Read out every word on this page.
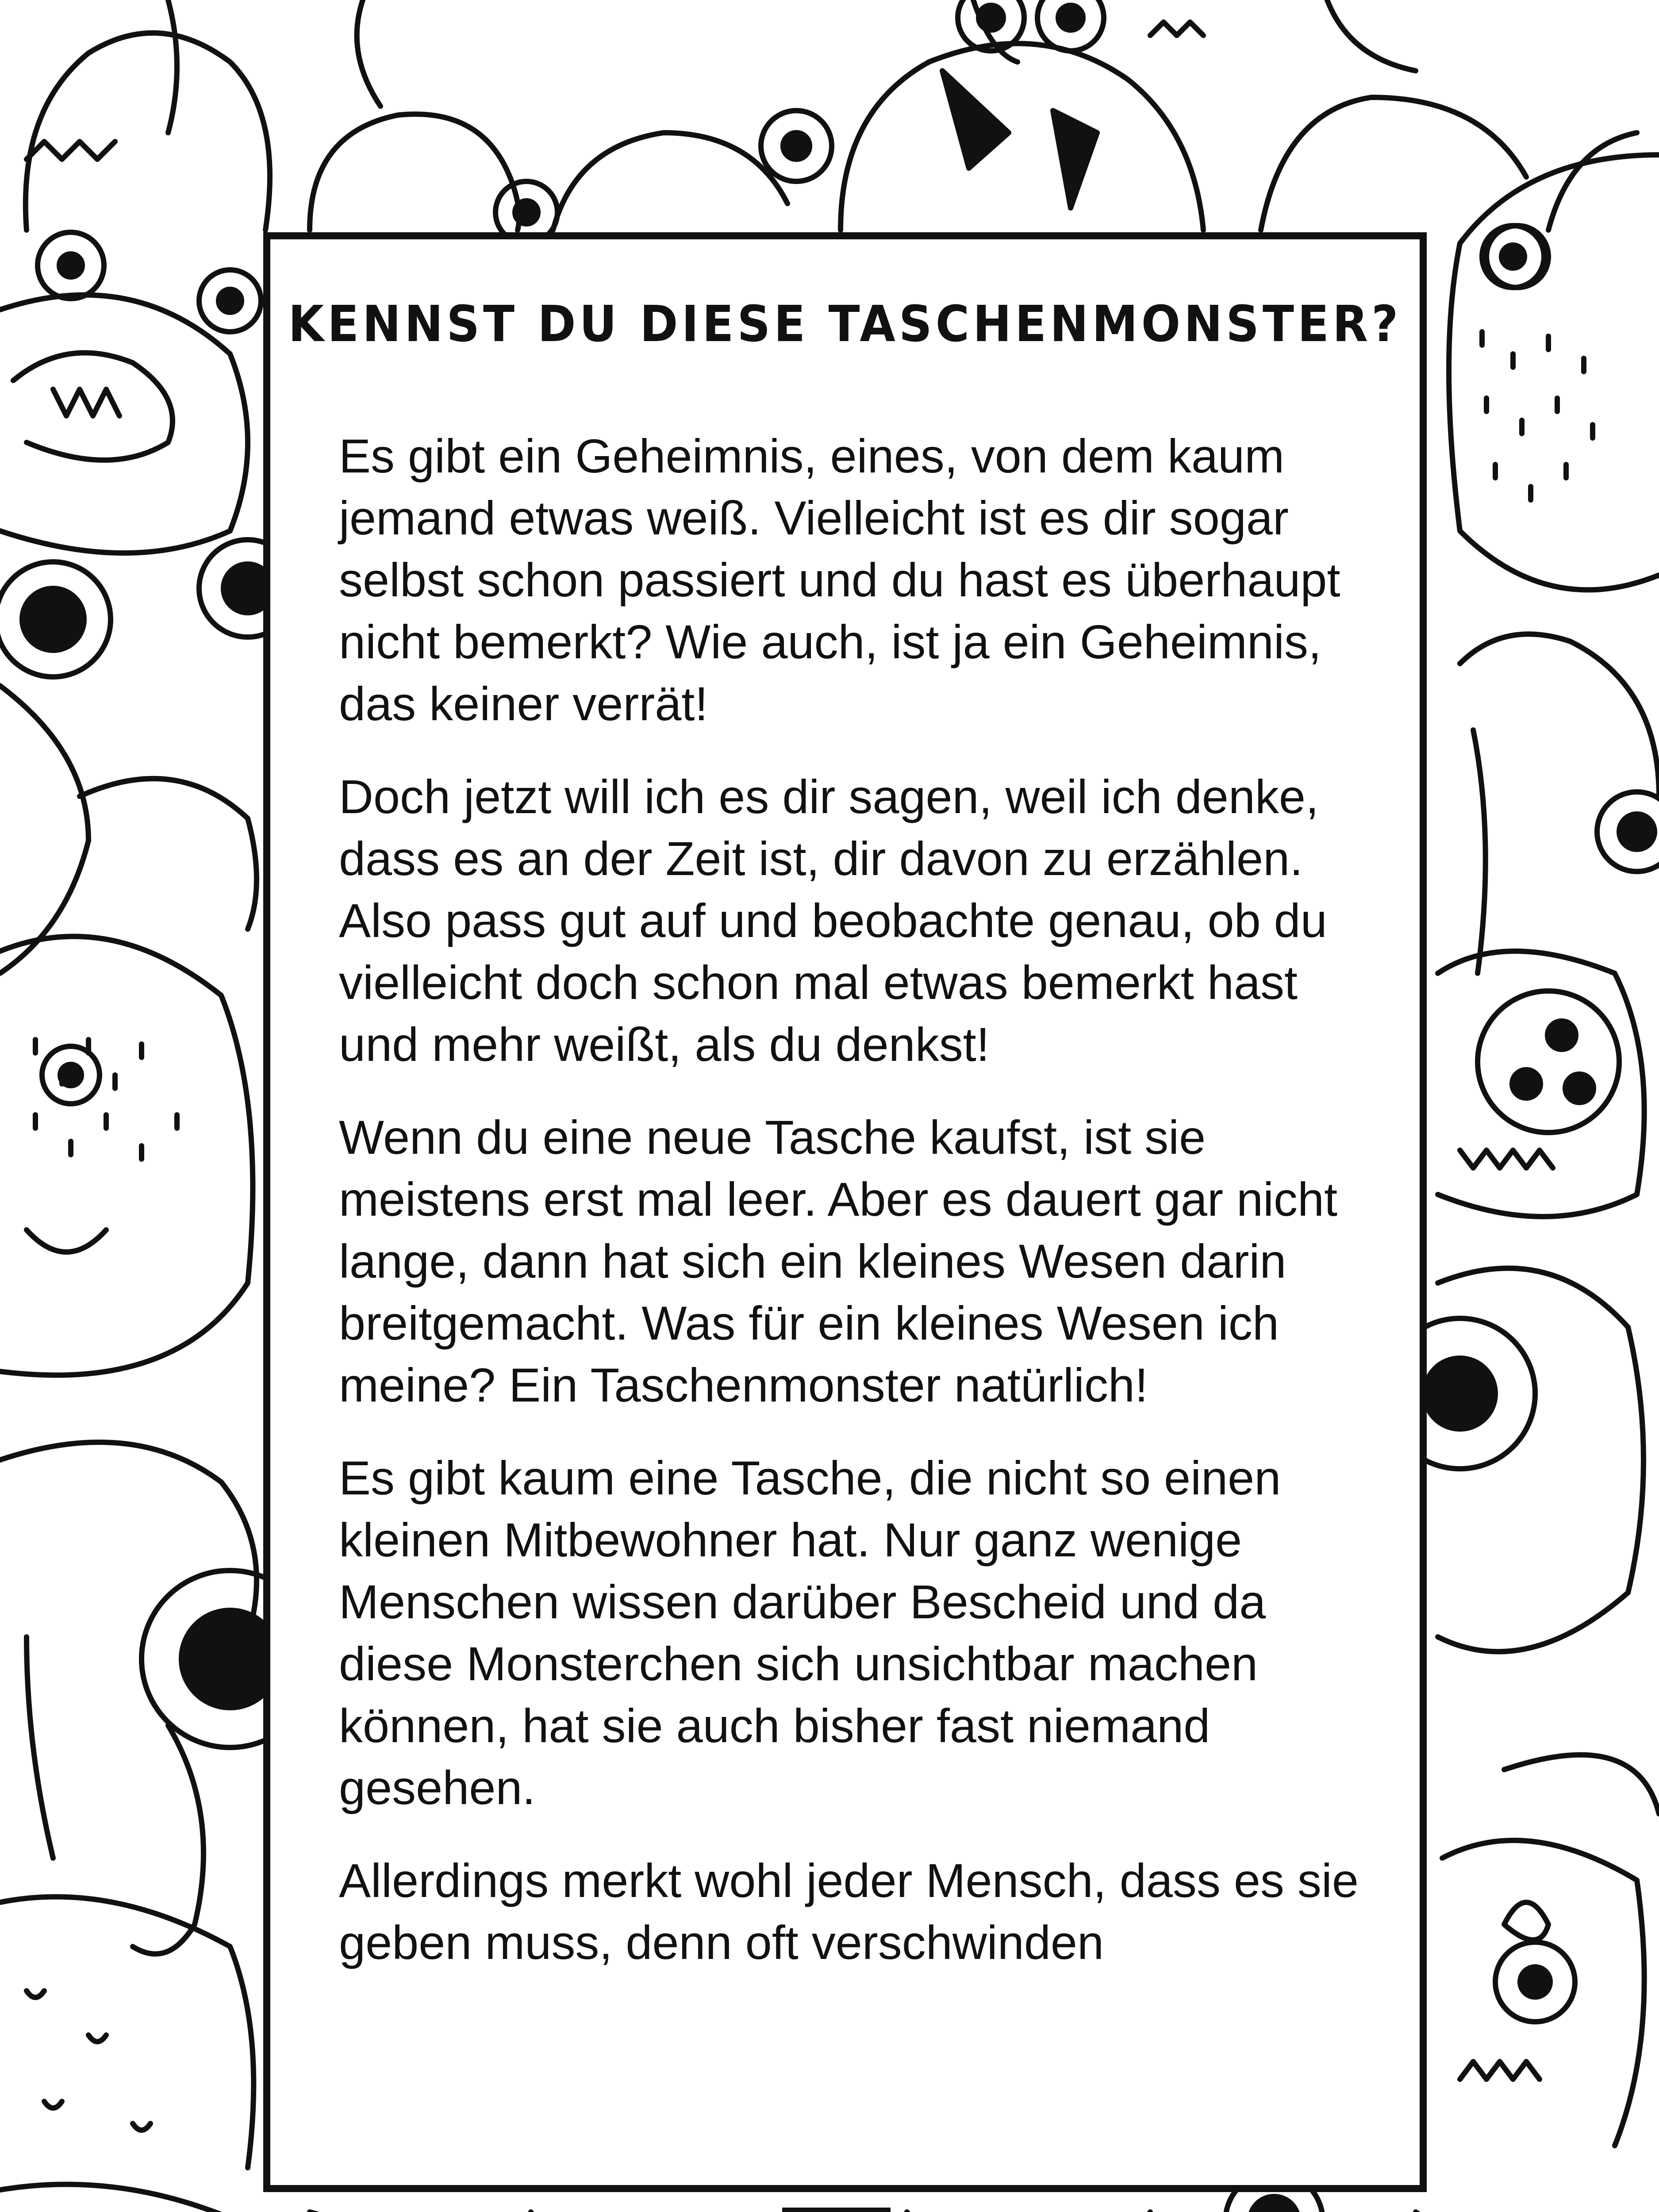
KENNST DU DIESE TASCHENMONSTER?

Es gibt ein Geheimnis, eines, von dem kaum jemand etwas weiß. Vielleicht ist es dir sogar selbst schon passiert und du hast es überhaupt nicht bemerkt? Wie auch, ist ja ein Geheimnis, das keiner verrät!

Doch jetzt will ich es dir sagen, weil ich denke, dass es an der Zeit ist, dir davon zu erzählen. Also pass gut auf und beobachte genau, ob du vielleicht doch schon mal etwas bemerkt hast und mehr weißt, als du denkst!

Wenn du eine neue Tasche kaufst, ist sie meistens erst mal leer. Aber es dauert gar nicht lange, dann hat sich ein kleines Wesen darin breitgemacht. Was für ein kleines Wesen ich meine? Ein Taschenmonster natürlich!

Es gibt kaum eine Tasche, die nicht so einen kleinen Mitbewohner hat. Nur ganz wenige Menschen wissen darüber Bescheid und da diese Monsterchen sich unsichtbar machen können, hat sie auch bisher fast niemand gesehen.

Allerdings merkt wohl jeder Mensch, dass es sie geben muss, denn oft verschwinden
